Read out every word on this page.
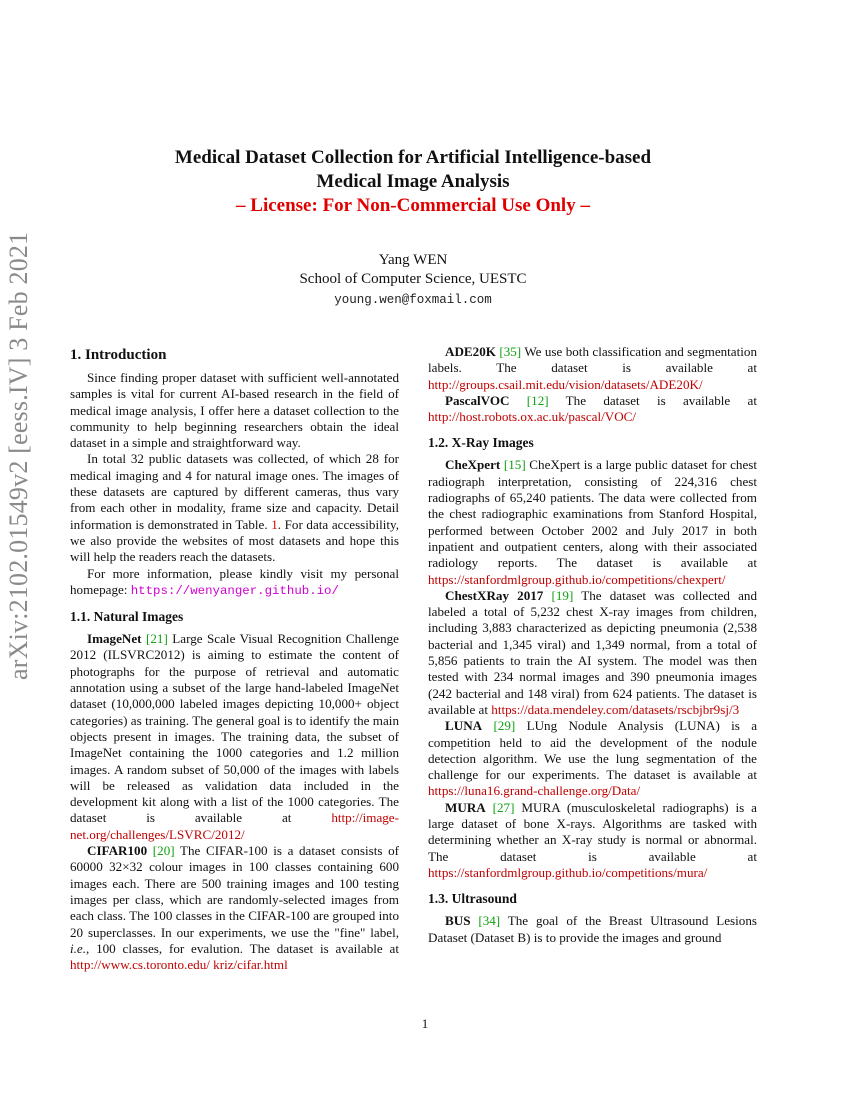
arXiv:2102.01549v2 [eess.IV] 3 Feb 2021
Medical Dataset Collection for Artificial Intelligence-based
Medical Image Analysis
– License: For Non-Commercial Use Only –
Yang WEN
School of Computer Science, UESTC
young.wen@foxmail.com
1. Introduction

Since finding proper dataset with sufficient well-annotated samples is vital for current AI-based research in the field of medical image analysis, I offer here a dataset collection to the community to help beginning researchers obtain the ideal dataset in a simple and straightforward way.

In total 32 public datasets was collected, of which 28 for medical imaging and 4 for natural image ones. The images of these datasets are captured by different cameras, thus vary from each other in modality, frame size and capacity. Detail information is demonstrated in Table. 1. For data accessibility, we also provide the websites of most datasets and hope this will help the readers reach the datasets.

For more information, please kindly visit my personal homepage: https://wenyanger.github.io/

1.1. Natural Images

ImageNet [21] Large Scale Visual Recognition Challenge 2012 (ILSVRC2012) is aiming to estimate the content of photographs for the purpose of retrieval and automatic annotation using a subset of the large hand-labeled ImageNet dataset (10,000,000 labeled images depicting 10,000+ object categories) as training. The general goal is to identify the main objects present in images. The training data, the subset of ImageNet containing the 1000 categories and 1.2 million images. A random subset of 50,000 of the images with labels will be released as validation data included in the development kit along with a list of the 1000 categories. The dataset is available at	http://image-net.org/challenges/LSVRC/2012/

CIFAR100 [20] The CIFAR-100 is a dataset consists of 60000 32×32 colour images in 100 classes containing 600 images each. There are 500 training images and 100 testing images per class, which are randomly-selected images from each class. The 100 classes in the CIFAR-100 are grouped into 20 superclasses. In our experiments, we use the "fine" label, i.e., 100 classes, for evalution. The dataset is available at http://www.cs.toronto.edu/ kriz/cifar.html

ADE20K [35] We use both classification and segmentation labels. The dataset is available at http://groups.csail.mit.edu/vision/datasets/ADE20K/

PascalVOC [12] The dataset is available at http://host.robots.ox.ac.uk/pascal/VOC/

1.2. X-Ray Images

CheXpert [15] CheXpert is a large public dataset for chest radiograph interpretation, consisting of 224,316 chest radiographs of 65,240 patients. The data were collected from the chest radiographic examinations from Stanford Hospital, performed between October 2002 and July 2017 in both inpatient and outpatient centers, along with their associated radiology reports. The dataset is available at https://stanfordmlgroup.github.io/competitions/chexpert/

ChestXRay 2017 [19] The dataset was collected and labeled a total of 5,232 chest X-ray images from children, including 3,883 characterized as depicting pneumonia (2,538 bacterial and 1,345 viral) and 1,349 normal, from a total of 5,856 patients to train the AI system. The model was then tested with 234 normal images and 390 pneumonia images (242 bacterial and 148 viral) from 624 patients. The dataset is available at https://data.mendeley.com/datasets/rscbjbr9sj/3

LUNA [29] LUng Nodule Analysis (LUNA) is a competition held to aid the development of the nodule detection algorithm. We use the lung segmentation of the challenge for our experiments. The dataset is available at https://luna16.grand-challenge.org/Data/

MURA [27] MURA (musculoskeletal radiographs) is a large dataset of bone X-rays. Algorithms are tasked with determining whether an X-ray study is normal or abnormal. The dataset is available at https://stanfordmlgroup.github.io/competitions/mura/

1.3. Ultrasound

BUS [34] The goal of the Breast Ultrasound Lesions Dataset (Dataset B) is to provide the images and ground

1
